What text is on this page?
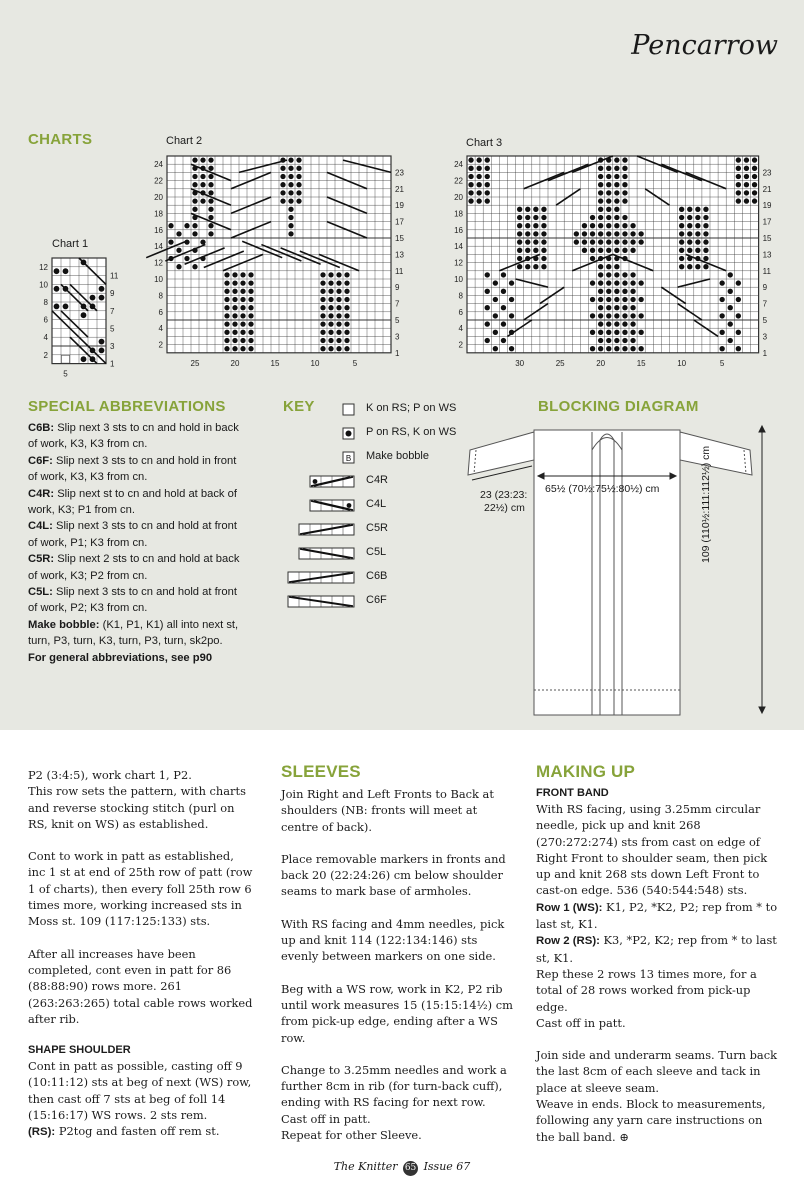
Pencarrow
CHARTS
Chart 1
Chart 2	Chart 3
12
10
8
6
4
2
11
9
7
5
3
1
5
24
22
20
18
16
14
12
10
8
6
4
2
23
21
19
17
15
13
11
9
7
5
3
1
25	20	15	10	5
24
22
20
18
16
14
12
10
8
6
4
2
23
21
19
17
15
13
11
9
7
5
3
1
30	25	20	15	10	5
SPECIAL ABBREVIATIONS

C6B: Slip next 3 sts to cn and hold in back of work, K3, K3 from cn.

C6F: Slip next 3 sts to cn and hold in front of work, K3, K3 from cn.

C4R: Slip next st to cn and hold at back of work, K3; P1 from cn.

C4L: Slip next 3 sts to cn and hold at front of work, P1; K3 from cn.

C5R: Slip next 2 sts to cn and hold at back of work, K3; P2 from cn.

C5L: Slip next 3 sts to cn and hold at front of work, P2; K3 from cn.

Make bobble: (K1, P1, K1) all into next st, turn, P3, turn, K3, turn, P3, turn, sk2po.

For general abbreviations, see p90

KEY
B
K on RS; P on WS
P on RS, K on WS
Make bobble
C4R
C4L
C5R
C5L
C6B
C6F
BLOCKING DIAGRAM
65½ (70½:75½:80½) cm
23 (23:23:
22½) cm	109 (110½:111:112½) cm

P2 (3:4:5), work chart 1, P2.

This row sets the pattern, with charts and reverse stocking stitch (purl on RS, knit on WS) as established.

Cont to work in patt as established, inc 1 st at end of 25th row of patt (row 1 of charts), then every foll 25th row 6 times more, working increased sts in Moss st. 109 (117:125:133) sts.

After all increases have been completed, cont even in patt for 86 (88:88:90) rows more. 261 (263:263:265) total cable rows worked after rib.

SHAPE SHOULDER

Cont in patt as possible, casting off 9 (10:11:12) sts at beg of next (WS) row, then cast off 7 sts at beg of foll 14 (15:16:17) WS rows. 2 sts rem.

(RS): P2tog and fasten off rem st.

SLEEVES

Join Right and Left Fronts to Back at shoulders (NB: fronts will meet at centre of back).

Place removable markers in fronts and back 20 (22:24:26) cm below shoulder seams to mark base of armholes.

With RS facing and 4mm needles, pick up and knit 114 (122:134:146) sts evenly between markers on one side.

Beg with a WS row, work in K2, P2 rib until work measures 15 (15:15:14½) cm from pick-up edge, ending after a WS row.

Change to 3.25mm needles and work a further 8cm in rib (for turn-back cuff), ending with RS facing for next row.

Cast off in patt.

Repeat for other Sleeve.

MAKING UP

FRONT BAND

With RS facing, using 3.25mm circular needle, pick up and knit 268 (270:272:274) sts from cast on edge of Right Front to shoulder seam, then pick up and knit 268 sts down Left Front to cast-on edge. 536 (540:544:548) sts.

Row 1 (WS): K1, P2, *K2, P2; rep from * to last st, K1.

Row 2 (RS): K3, *P2, K2; rep from * to last st, K1.

Rep these 2 rows 13 times more, for a total of 28 rows worked from pick-up edge.

Cast off in patt.

Join side and underarm seams. Turn back the last 8cm of each sleeve and tack in place at sleeve seam.

Weave in ends. Block to measurements, following any yarn care instructions on the ball band. ⊕

The Knitter 65 Issue 67
